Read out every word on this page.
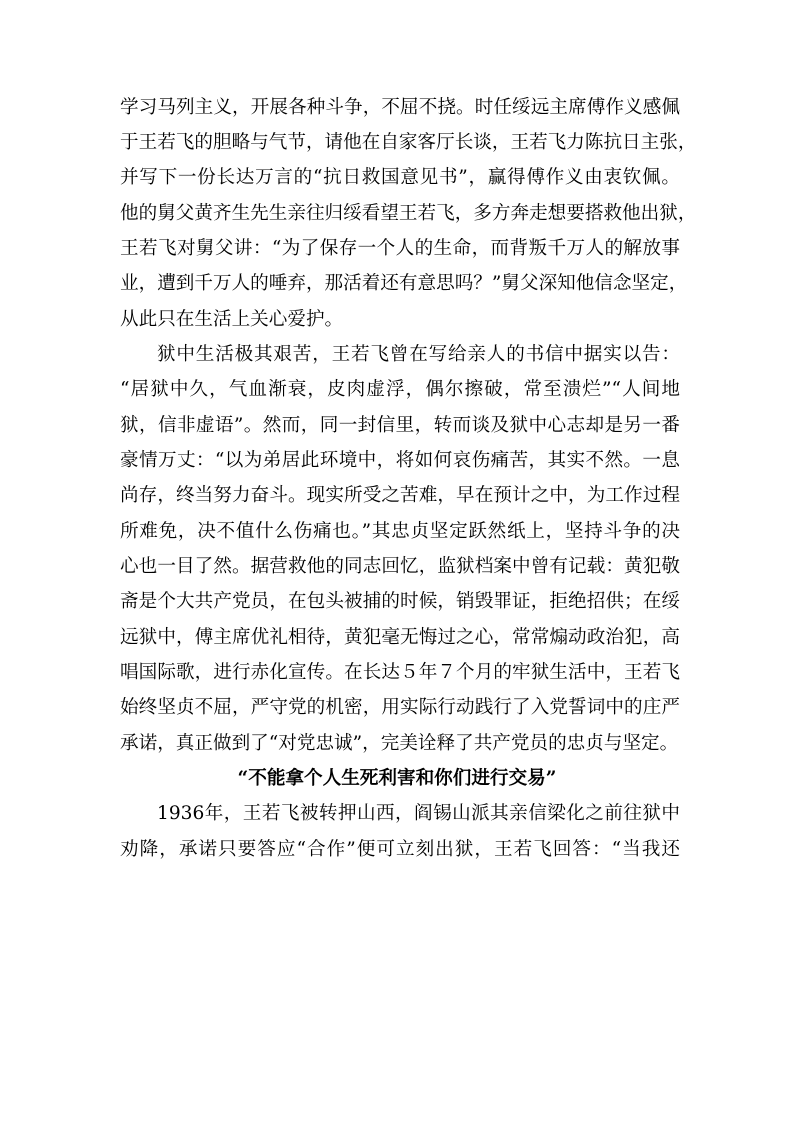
学习马列主义，开展各种斗争，不屈不挠。时任绥远主席傅作义感佩
于王若飞的胆略与气节，请他在自家客厅长谈，王若飞力陈抗日主张，
并写下一份长达万言的“抗日救国意见书”，赢得傅作义由衷钦佩。
他的舅父黄齐生先生亲往归绥看望王若飞，多方奔走想要搭救他出狱，
王若飞对舅父讲：“为了保存一个人的生命，而背叛千万人的解放事
业，遭到千万人的唾弃，那活着还有意思吗？”舅父深知他信念坚定，
从此只在生活上关心爱护。
狱中生活极其艰苦，王若飞曾在写给亲人的书信中据实以告：
“居狱中久，气血渐衰，皮肉虚浮，偶尔擦破，常至溃烂”“人间地
狱，信非虚语”。然而，同一封信里，转而谈及狱中心志却是另一番
豪情万丈：“以为弟居此环境中，将如何哀伤痛苦，其实不然。一息
尚存，终当努力奋斗。现实所受之苦难，早在预计之中，为工作过程
所难免，决不值什么伤痛也。”其忠贞坚定跃然纸上，坚持斗争的决
心也一目了然。据营救他的同志回忆，监狱档案中曾有记载：黄犯敬
斋是个大共产党员，在包头被捕的时候，销毁罪证，拒绝招供；在绥
远狱中，傅主席优礼相待，黄犯毫无悔过之心，常常煽动政治犯，高
唱国际歌，进行赤化宣传。在长达５年７个月的牢狱生活中，王若飞
始终坚贞不屈，严守党的机密，用实际行动践行了入党誓词中的庄严
承诺，真正做到了“对党忠诚”，完美诠释了共产党员的忠贞与坚定。
“不能拿个人生死利害和你们进行交易”
1936年，王若飞被转押山西，阎锡山派其亲信梁化之前往狱中
劝降，承诺只要答应“合作”便可立刻出狱，王若飞回答：“当我还
